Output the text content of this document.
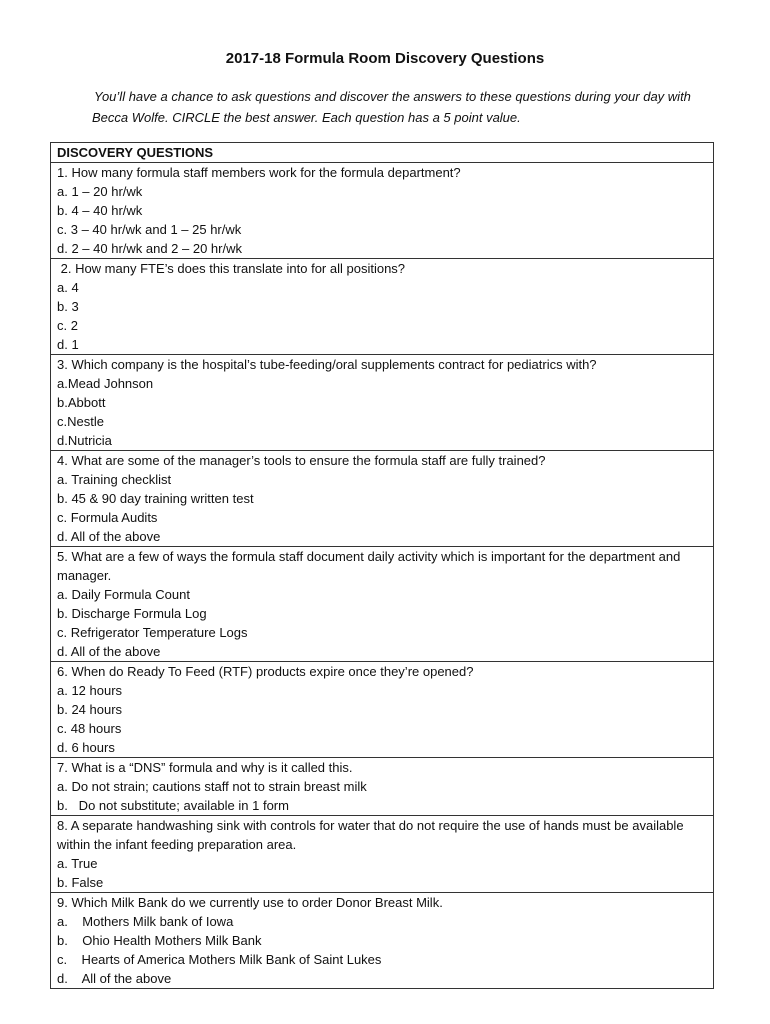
2017-18 Formula Room Discovery Questions

You’ll have a chance to ask questions and discover the answers to these questions during your day with Becca Wolfe. CIRCLE the best answer. Each question has a 5 point value.

DISCOVERY QUESTIONS

1. How many formula staff members work for the formula department?
a. 1 – 20 hr/wk
b. 4 – 40 hr/wk
c. 3 – 40 hr/wk and 1 – 25 hr/wk
d. 2 – 40 hr/wk and 2 – 20 hr/wk

2. How many FTE’s does this translate into for all positions?
a. 4
b. 3
c. 2
d. 1

3. Which company is the hospital’s tube-feeding/oral supplements contract for pediatrics with?
a.Mead Johnson
b.Abbott
c.Nestle
d.Nutricia

4. What are some of the manager’s tools to ensure the formula staff are fully trained?
a. Training checklist
b. 45 & 90 day training written test
c. Formula Audits
d. All of the above

5. What are a few of ways the formula staff document daily activity which is important for the department and manager.
a. Daily Formula Count
b. Discharge Formula Log
c. Refrigerator Temperature Logs
d. All of the above

6. When do Ready To Feed (RTF) products expire once they’re opened?
a. 12 hours
b. 24 hours
c. 48 hours
d. 6 hours

7. What is a “DNS” formula and why is it called this.
a. Do not strain; cautions staff not to strain breast milk
b.   Do not substitute; available in 1 form

8. A separate handwashing sink with controls for water that do not require the use of hands must be available within the infant feeding preparation area.
a. True
b. False

9. Which Milk Bank do we currently use to order Donor Breast Milk.
a.    Mothers Milk bank of Iowa
b.    Ohio Health Mothers Milk Bank
c.    Hearts of America Mothers Milk Bank of Saint Lukes
d.    All of the above
